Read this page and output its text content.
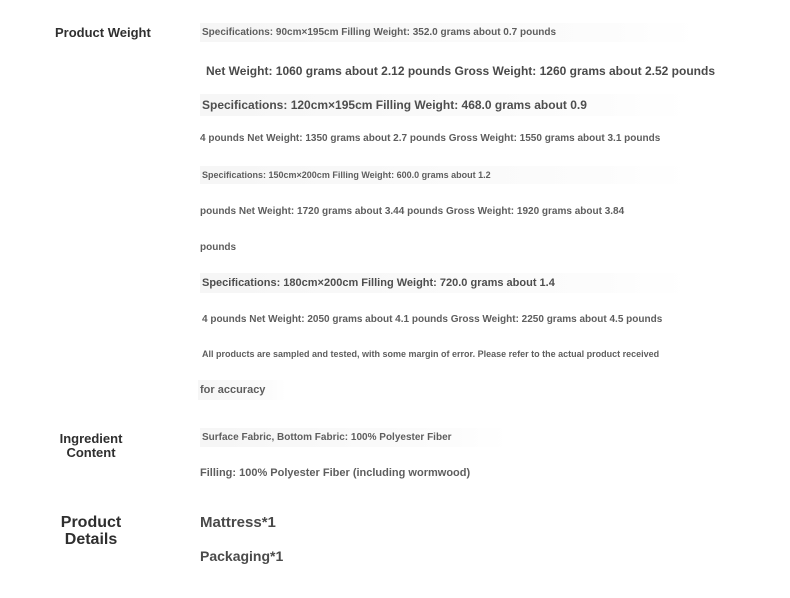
Product Weight	Specifications: 90cm×195cm Filling Weight: 352.0 grams about 0.7 pounds
Net Weight: 1060 grams about 2.12 pounds Gross Weight: 1260 grams about 2.52 pounds
Specifications: 120cm×195cm Filling Weight: 468.0 grams about 0.9
4 pounds Net Weight: 1350 grams about 2.7 pounds Gross Weight: 1550 grams about 3.1 pounds
Specifications: 150cm×200cm Filling Weight: 600.0 grams about 1.2
pounds Net Weight: 1720 grams about 3.44 pounds Gross Weight: 1920 grams about 3.84
pounds
Specifications: 180cm×200cm Filling Weight: 720.0 grams about 1.4
4 pounds Net Weight: 2050 grams about 4.1 pounds Gross Weight: 2250 grams about 4.5 pounds
All products are sampled and tested, with some margin of error. Please refer to the actual product received
for accuracy
Ingredient
Content
Surface Fabric, Bottom Fabric: 100% Polyester Fiber
Filling: 100% Polyester Fiber (including wormwood)
Product
Details
Mattress*1
Packaging*1
